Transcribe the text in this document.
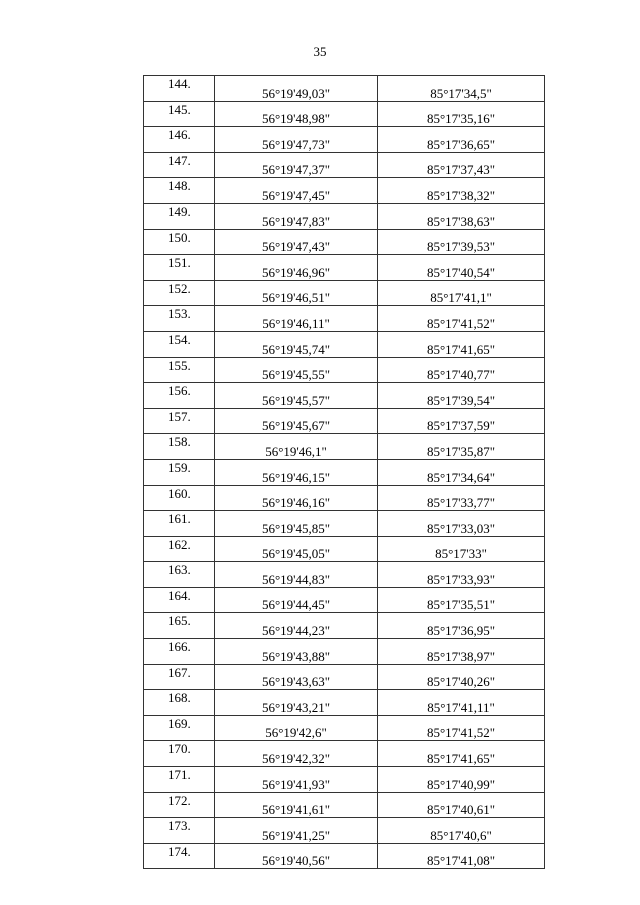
35
144.	56°19'49,03"	85°17'34,5"
145.	56°19'48,98"	85°17'35,16"
146.	56°19'47,73"	85°17'36,65"
147.	56°19'47,37"	85°17'37,43"
148.	56°19'47,45"	85°17'38,32"
149.	56°19'47,83"	85°17'38,63"
150.	56°19'47,43"	85°17'39,53"
151.	56°19'46,96"	85°17'40,54"
152.	56°19'46,51"	85°17'41,1"
153.	56°19'46,11"	85°17'41,52"
154.	56°19'45,74"	85°17'41,65"
155.	56°19'45,55"	85°17'40,77"
156.	56°19'45,57"	85°17'39,54"
157.	56°19'45,67"	85°17'37,59"
158.	56°19'46,1"	85°17'35,87"
159.	56°19'46,15"	85°17'34,64"
160.	56°19'46,16"	85°17'33,77"
161.	56°19'45,85"	85°17'33,03"
162.	56°19'45,05"	85°17'33"
163.	56°19'44,83"	85°17'33,93"
164.	56°19'44,45"	85°17'35,51"
165.	56°19'44,23"	85°17'36,95"
166.	56°19'43,88"	85°17'38,97"
167.	56°19'43,63"	85°17'40,26"
168.	56°19'43,21"	85°17'41,11"
169.	56°19'42,6"	85°17'41,52"
170.	56°19'42,32"	85°17'41,65"
171.	56°19'41,93"	85°17'40,99"
172.	56°19'41,61"	85°17'40,61"
173.	56°19'41,25"	85°17'40,6"
174.	56°19'40,56"	85°17'41,08"
